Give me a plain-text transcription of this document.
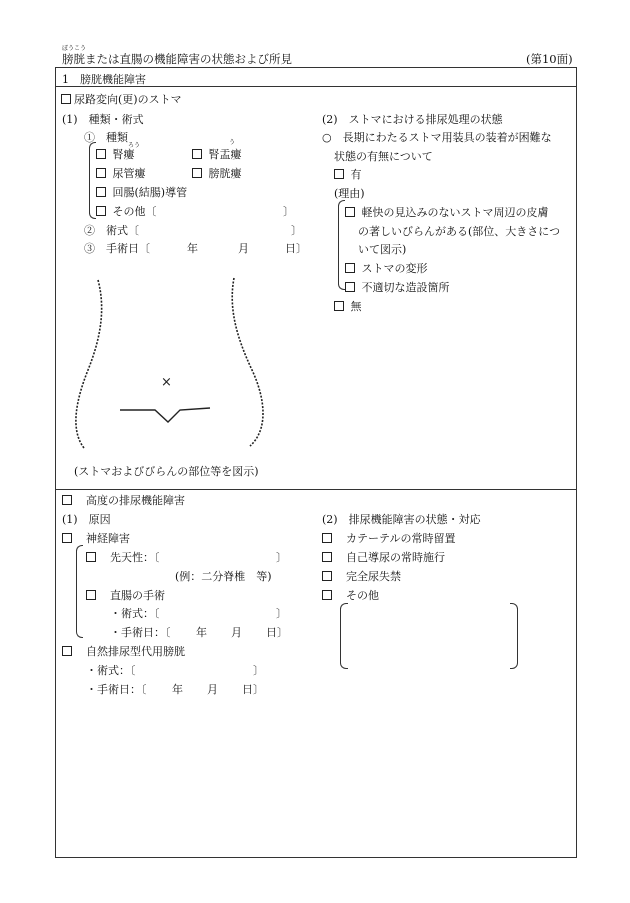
ぼうこう
膀胱または直腸の機能障害の状態および所見	(第10面)
1　膀胱機能障害
尿路変向(更)のストマ
(1)　種類・術式
①　種類
ろう	う
腎瘻	腎盂瘻
尿管瘻	膀胱瘻
回腸(結腸)導管
その他〔	〕
②　術式〔	〕
③　手術日〔	年	月	日〕
×
(ストマおよびびらんの部位等を図示)
(2)　ストマにおける排尿処理の状態
○　長期にわたるストマ用装具の装着が困難な
状態の有無について
有
(理由)
軽快の見込みのないストマ周辺の皮膚
の著しいびらんがある(部位、大きさにつ
いて図示)
ストマの変形
不適切な造設箇所
無
　高度の排尿機能障害
(1)　原因
　神経障害
　先天性：〔	〕
(例：二分脊椎　等)
　直腸の手術
・術式：〔	〕
・手術日：〔 年 月 日〕
　自然排尿型代用膀胱
・術式：〔	〕
・手術日：〔 年 月 日〕
(2)　排尿機能障害の状態・対応
　カテーテルの常時留置
　自己導尿の常時施行
　完全尿失禁
　その他
